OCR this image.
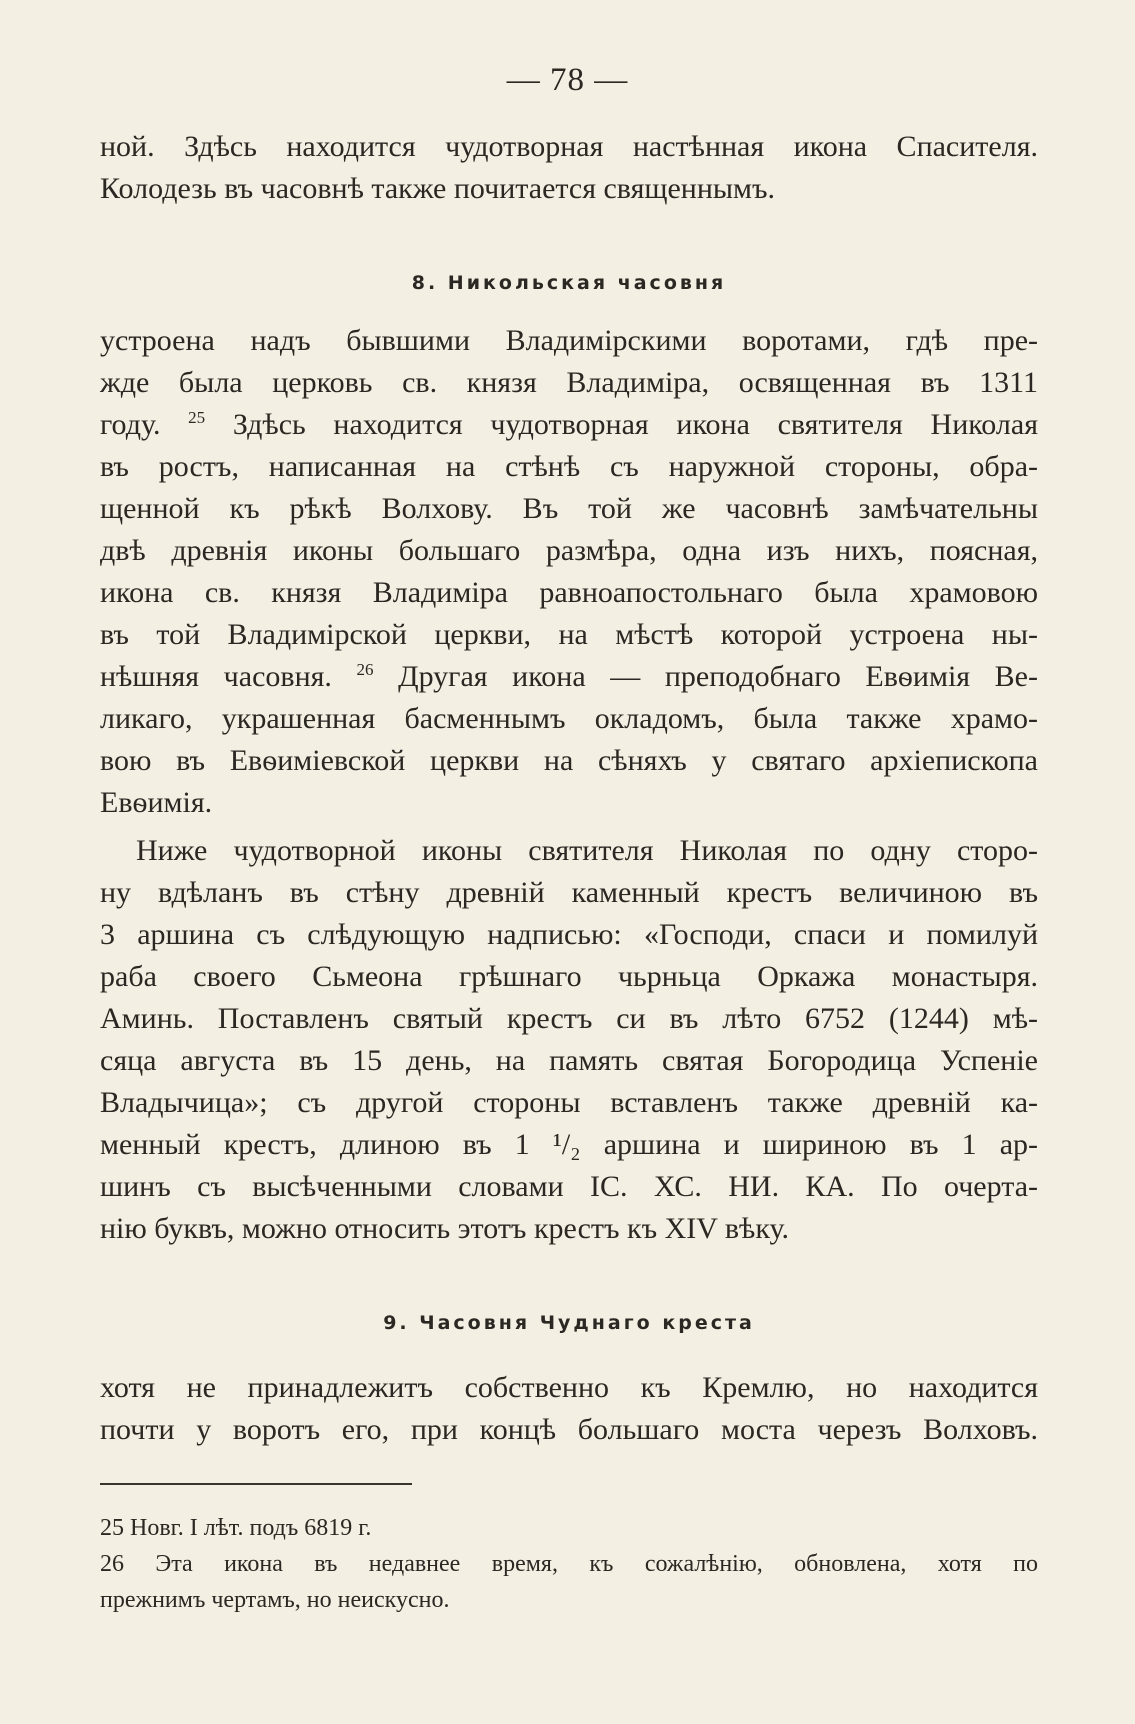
— 78 —

ной. Здѣсь находится чудотворная настѣнная икона Спасителя.

Колодезь въ часовнѣ также почитается священнымъ.

8. Никольская часовня

устроена надъ бывшими Владимірскими воротами, гдѣ пре-

жде была церковь св. князя Владиміра, освященная въ 1311

году. $^{25}$ Здѣсь находится чудотворная икона святителя Николая

въ ростъ, написанная на стѣнѣ съ наружной стороны, обра-

щенной къ рѣкѣ Волхову. Въ той же часовнѣ замѣчательны

двѣ древнія иконы большаго размѣра, одна изъ нихъ, поясная,

икона св. князя Владиміра равноапостольнаго была храмовою

въ той Владимірской церкви, на мѣстѣ которой устроена ны-

нѣшняя часовня. $^{26}$ Другая икона — преподобнаго Евѳимія Ве-

ликаго, украшенная басменнымъ окладомъ, была также храмо-

вою въ Евѳиміевской церкви на сѣняхъ у святаго архіепископа

Евѳимія.

Ниже чудотворной иконы святителя Николая по одну сторо-

ну вдѣланъ въ стѣну древній каменный крестъ величиною въ

3 аршина съ слѣдующую надписью: «Господи, спаси и помилуй

раба своего Сьмеона грѣшнаго чьрньца Оркажа монастыря.

Аминь. Поставленъ святый крестъ си въ лѣто 6752 (1244) мѣ-

сяца августа въ 15 день, на память святая Богородица Успеніе

Владычица»; съ другой стороны вставленъ также древній ка-

менный крестъ, длиною въ 1 ¹/₂ аршина и шириною въ 1 ар-

шинъ съ высѣченными словами IС. ХС. НИ. КА. По очерта-

нію буквъ, можно относить этотъ крестъ къ XIV вѣку.

9. Часовня Чуднаго креста

хотя не принадлежитъ собственно къ Кремлю, но находится

почти у воротъ его, при концѣ большаго моста черезъ Волховъ.

25 Новг. I лѣт. подъ 6819 г.

26 Эта икона въ недавнее время, къ сожалѣнію, обновлена, хотя по

прежнимъ чертамъ, но неискусно.
